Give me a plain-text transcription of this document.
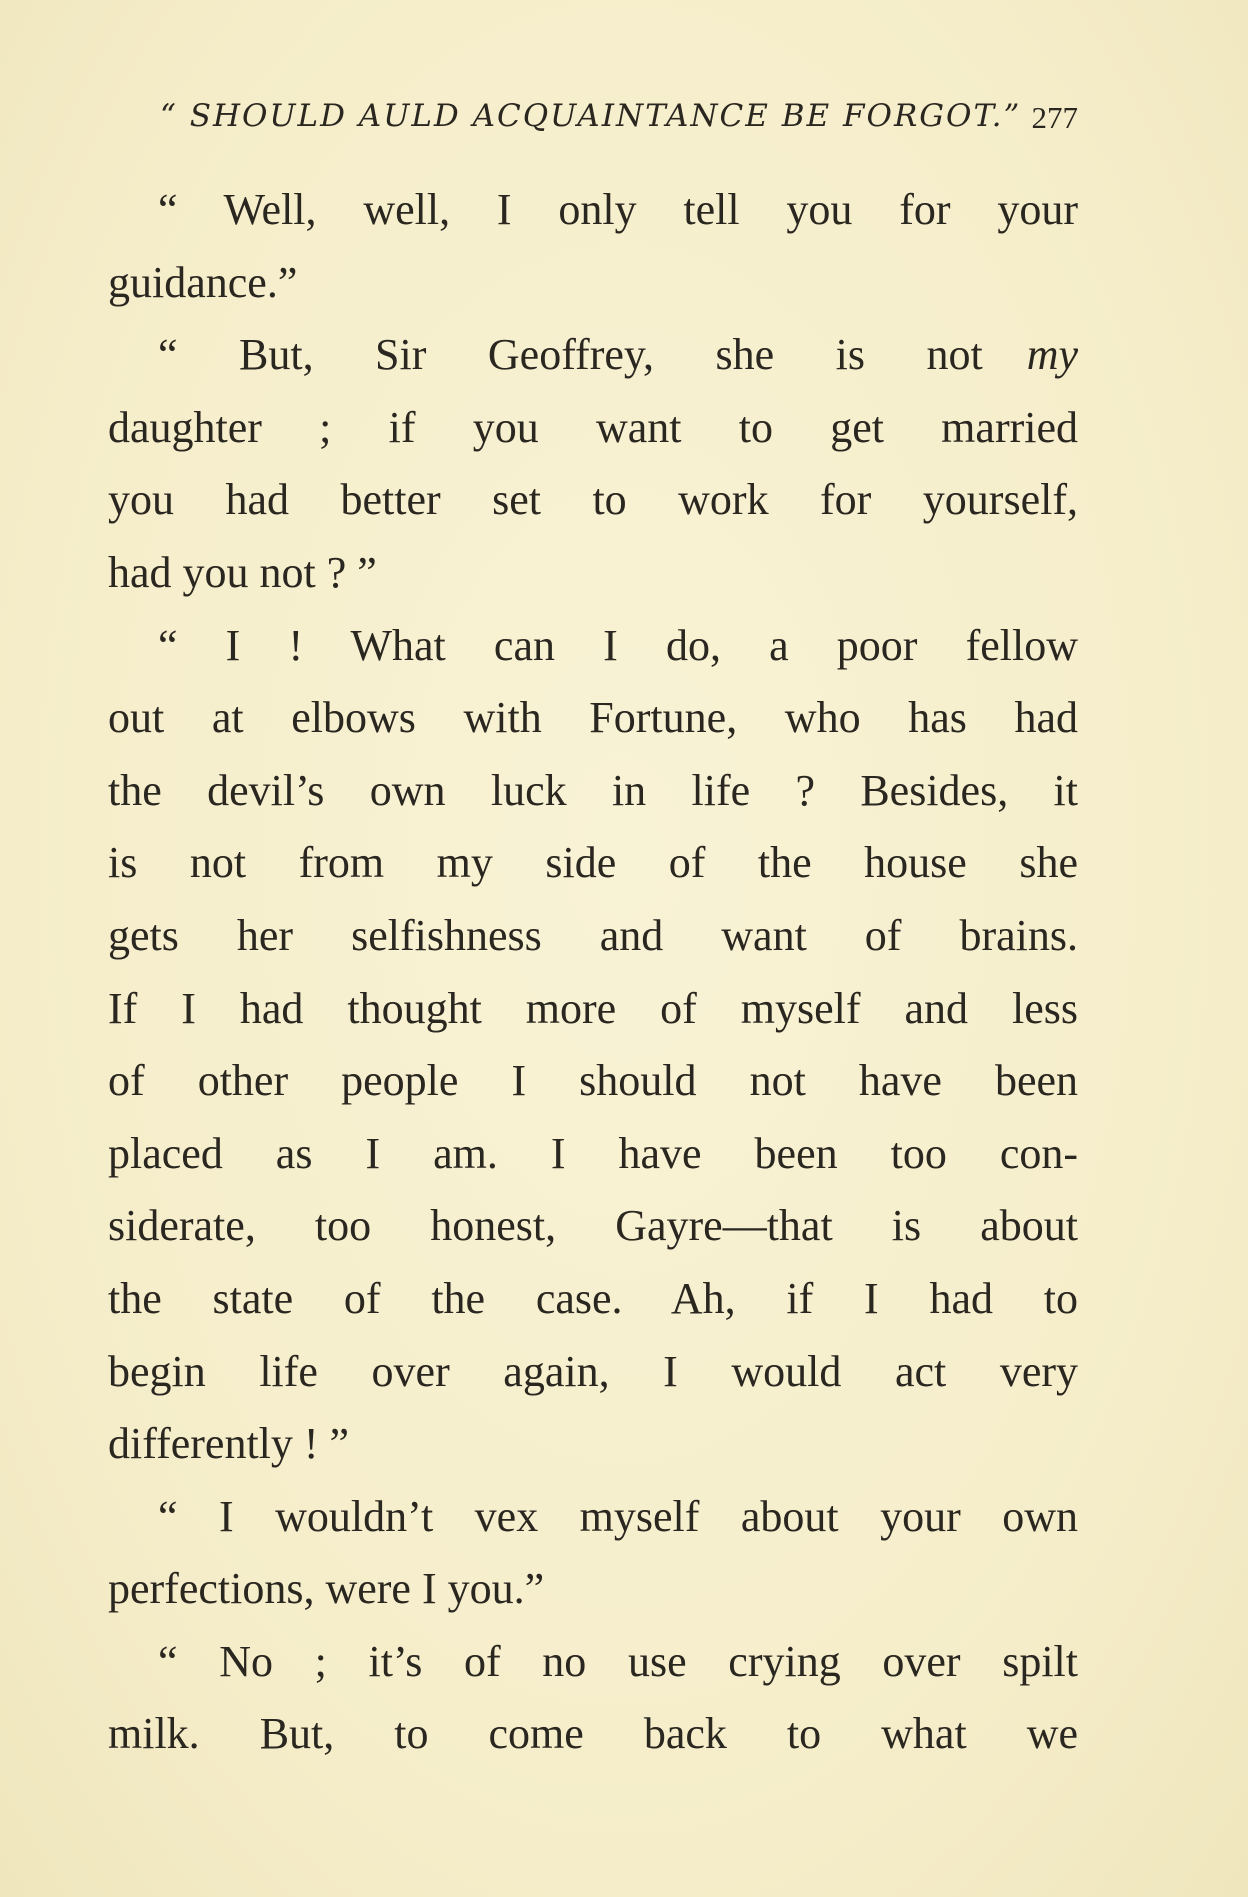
“ SHOULD AULD ACQUAINTANCE BE FORGOT.” 277
“ Well, well, I only tell you for your
guidance.”
“ But, Sir Geoffrey, she is not	my
daughter ; if you want to get married
you had better set to work for yourself,
had you not ? ”
“ I ! What can I do, a poor fellow
out at elbows with Fortune, who has had
the devil’s own luck in life ? Besides, it
is not from my side of the house she
gets her selfishness and want of brains.
If I had thought more of myself and less
of other people I should not have been
placed as I am. I have been too con-
siderate, too honest, Gayre—that is about
the state of the case. Ah, if I had to
begin life over again, I would act very
differently ! ”
“ I wouldn’t vex myself about your own
perfections, were I you.”
“ No ; it’s of no use crying over spilt
milk. But, to come back to what we
